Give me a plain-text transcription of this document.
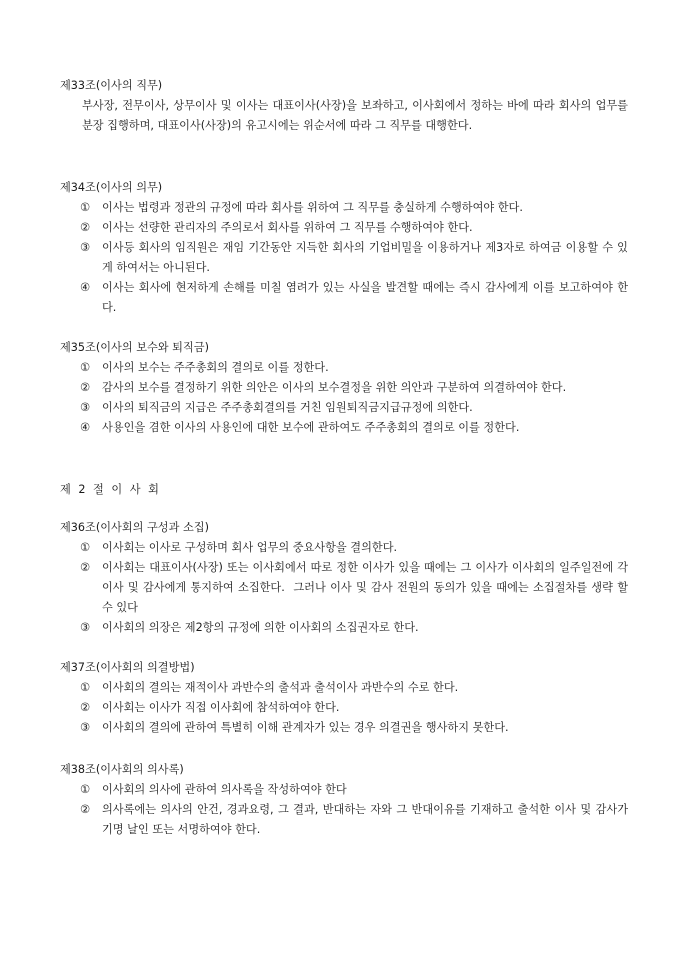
제33조(이사의 직무)
부사장, 전무이사, 상무이사 및 이사는 대표이사(사장)을 보좌하고, 이사회에서 정하는 바에 따라 회사의 업무를 분장 집행하며, 대표이사(사장)의 유고시에는 위순서에 따라 그 직무를 대행한다.
제34조(이사의 의무)
①	이사는 법령과 정관의 규정에 따라 회사를 위하여 그 직무를 충실하게 수행하여야 한다.
②	이사는 선량한 관리자의 주의로서 회사를 위하여 그 직무를 수행하여야 한다.
③	이사등 회사의 임직원은 재임 기간동안 지득한 회사의 기업비밀을 이용하거나 제3자로 하여금 이용할 수 있게 하여서는 아니된다.
④	이사는 회사에 현저하게 손해를 미칠 염려가 있는 사실을 발견할 때에는 즉시 감사에게 이를 보고하여야 한다.
제35조(이사의 보수와 퇴직금)
①	이사의 보수는 주주총회의 결의로 이를 정한다.
②	감사의 보수를 결정하기 위한 의안은 이사의 보수결정을 위한 의안과 구분하여 의결하여야 한다.
③	이사의 퇴직금의 지급은 주주총회결의를 거친 임원퇴직금지급규정에 의한다.
④	사용인을 겸한 이사의 사용인에 대한 보수에 관하여도 주주총회의 결의로 이를 정한다.
제 2 절 이 사 회
제36조(이사회의 구성과 소집)
①	이사회는 이사로 구성하며 회사 업무의 중요사항을 결의한다.
②	이사회는 대표이사(사장) 또는 이사회에서 따로 정한 이사가 있을 때에는 그 이사가 이사회의 일주일전에 각 이사 및 감사에게 통지하여 소집한다.  그러나 이사 및 감사 전원의 동의가 있을 때에는 소집절차를 생략 할 수 있다
③	이사회의 의장은 제2항의 규정에 의한 이사회의 소집권자로 한다.
제37조(이사회의 의결방법)
①	이사회의 결의는 재적이사 과반수의 출석과 출석이사 과반수의 수로 한다.
②	이사회는 이사가 직접 이사회에 참석하여야 한다.
③	이사회의 결의에 관하여 특별히 이해 관계자가 있는 경우 의결권을 행사하지 못한다.
제38조(이사회의 의사록)
①	이사회의 의사에 관하여 의사록을 작성하여야 한다
②	의사록에는 의사의 안건, 경과요령, 그 결과, 반대하는 자와 그 반대이유를 기재하고 출석한 이사 및 감사가 기명 날인 또는 서명하여야 한다.
